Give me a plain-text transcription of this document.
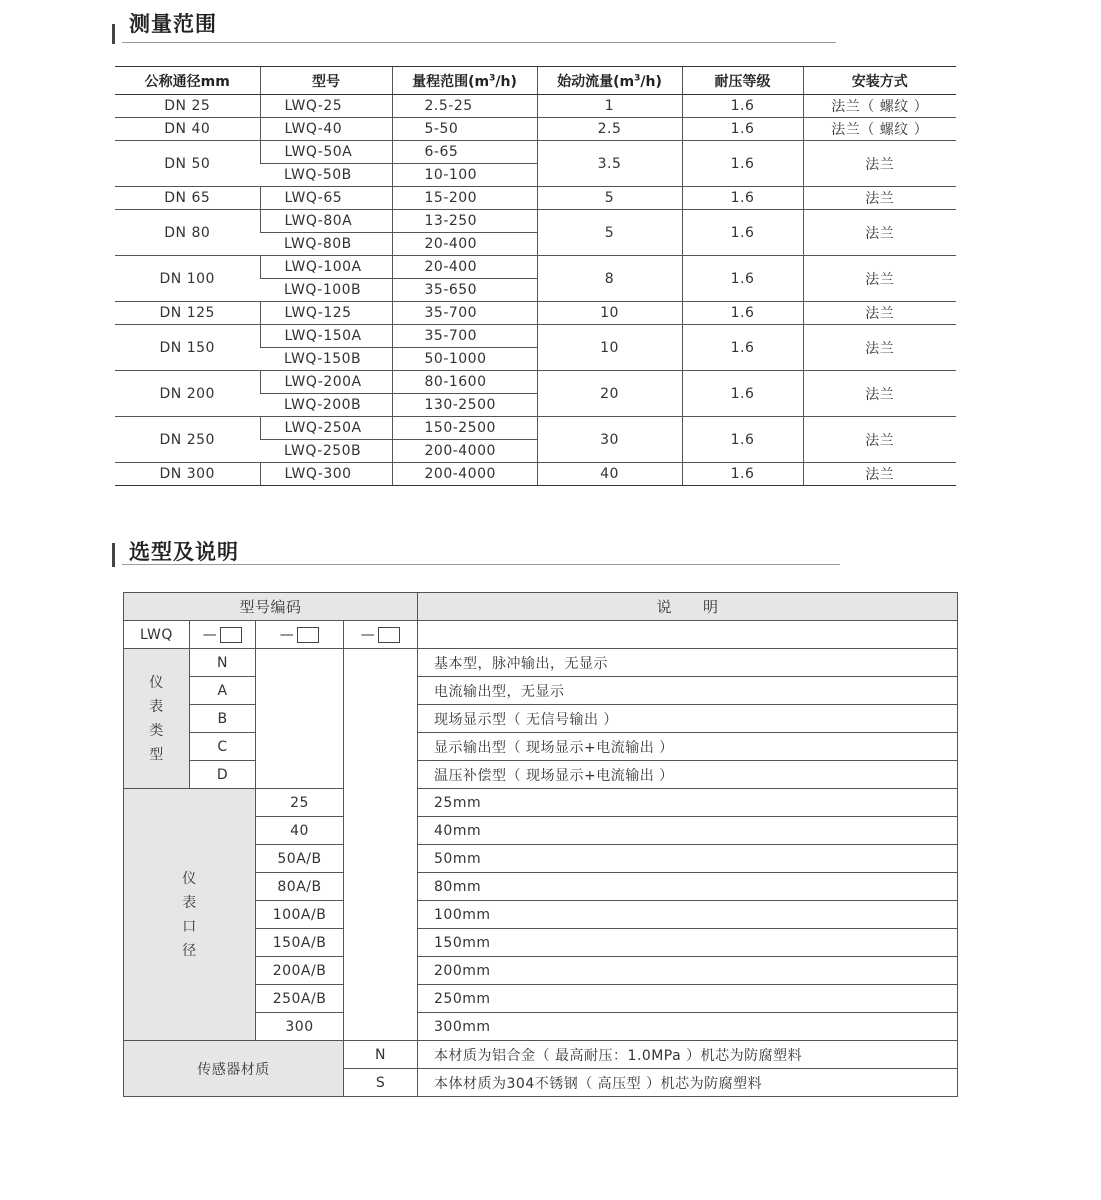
测量范围
公称通径mm	型号	量程范围$(m^3/h)$	始动流量$(m^3/h)$	耐压等级	安装方式
DN 25	LWQ-25	2.5-25	1	1.6	法兰（ 螺纹 ）
DN 40	LWQ-40	5-50	2.5	1.6	法兰（ 螺纹 ）
DN 50	LWQ-50A	6-65	3.5	1.6	法兰
	LWQ-50B	10-100			
DN 65	LWQ-65	15-200	5	1.6	法兰
DN 80	LWQ-80A	13-250	5	1.6	法兰
	LWQ-80B	20-400			
DN 100	LWQ-100A	20-400	8	1.6	法兰
	LWQ-100B	35-650			
DN 125	LWQ-125	35-700	10	1.6	法兰
DN 150	LWQ-150A	35-700	10	1.6	法兰
	LWQ-150B	50-1000			
DN 200	LWQ-200A	80-1600	20	1.6	法兰
	LWQ-200B	130-2500			
DN 250	LWQ-250A	150-2500	30	1.6	法兰
	LWQ-250B	200-4000			
DN 300	LWQ-300	200-4000	40	1.6	法兰
选型及说明
型号编码				说　　明
LWQ	—	—	—	

仪表类型	N			基本型，脉冲输出，无显示
	A			电流输出型，无显示
	B			现场显示型（ 无信号输出 ）
	C			显示输出型（ 现场显示+电流输出 ）
	D			温压补偿型（ 现场显示+电流输出 ）

仪表口径		25		25mm
		40		40mm
		50A/B		50mm
		80A/B		80mm
		100A/B		100mm
		150A/B		150mm
		200A/B		200mm
		250A/B		250mm
		300		300mm
传感器材质			N	本材质为铝合金（ 最高耐压：1.0MPa ）机芯为防腐塑料
			S	本体材质为304不锈钢（ 高压型 ）机芯为防腐塑料
